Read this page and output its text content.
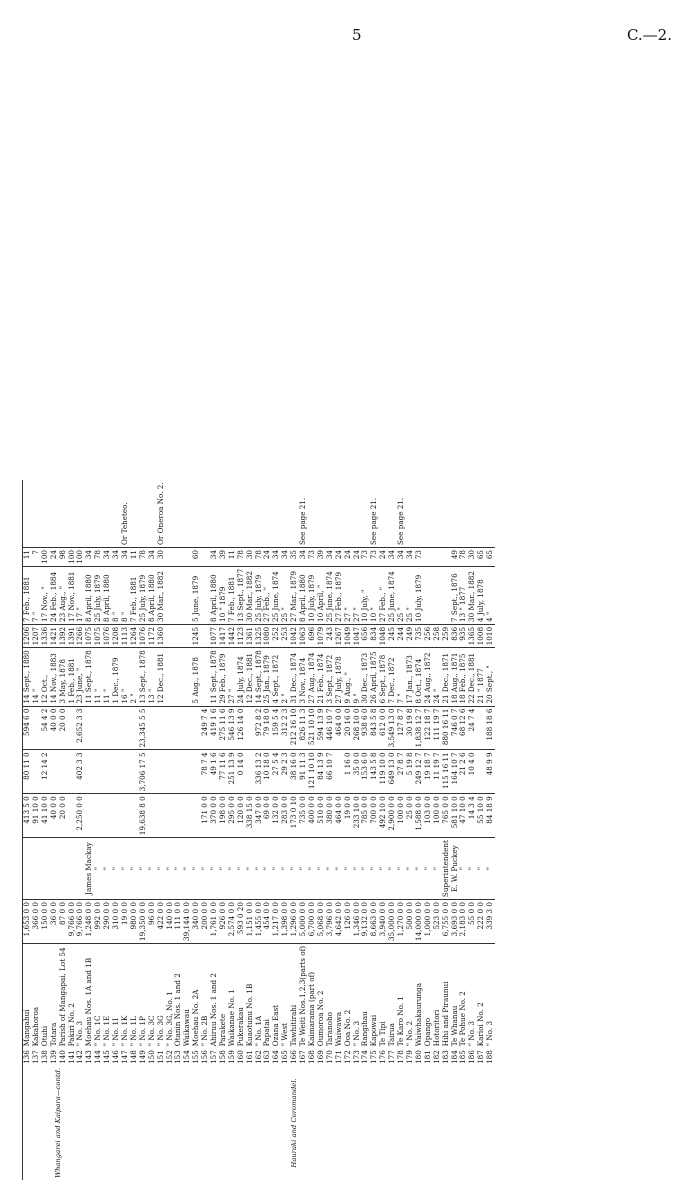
5	C.—2.
Whangarei and Kaipara—contd.	136	Mangahui	1,653 0 0		413 5 0	80 11 0	594 6 0	14 Sept., 1880	1206	7 Feb., 1881	11	
	137	Kakahoroa	366 0 0		91 10 0			14 "	1207	7 "	7	
	138	Otuhi	150 0 0		41 10 0	12 14 2	54 4 2	12 Oct.,	1336	17 Nov., "	100	
	139	Totara	36 0 0		40 0 0		40 0 0	14 Nov., 1883	1421	24 Feb., 1884	24	
	140	Parish of Mangapai, Lot 54	87 0 0		20 0 0		20 0 0	3 May, 1878	1392	23 Aug., "	98	
	141	Pakiri No. 2	9,766 0 0					1 Feb., 1881	1391	17 Nov., 1881	100	
	142	" No. 3	9,766 0 0		2,250 0 0	402 3 3	2,652 3 3	23 June, "	1266	17 "	100	
	143	Moehau Nos. 1A and 1B	1,248 0 0	James Mackay				11 Sept., 1878	1075	8 April, 1880	34	

Hauraki and Coromandel.	144	" No. 1C	992 0 0	"				11 "	1075	25 July, 1879	78	
	145	" No. 1E	290 0 0	"				11 "	1076	8 April, 1880	34	
	146	" No. 1I	310 0 0	"				1 Dec., 1879	1208	8 "	34	
	147	" No. 1K	19 0 0	"				16 "	1113	8 "	34	Or Teheteo.
	148	" No. 1L	980 0 0	"				2 "	1264	7 Feb., 1881	11	
	149	" No. 1P	19,350 0 0	"	19,638 8 0	3,706 17 5	23,345 5 5	13 Sept., 1878	1076	25 July, 1879	78	
	150	" No. 3C	96 0 0	"				13 "	1172	8 April, 1880	34	
	151	" No. 3G	422 0 0	"				12 Dec., 1881	1360	30 Mar., 1882	30	Or Oneroa No. 2.
	152	" No. 3G, No. 1	140 0 0	"								
	153	Otanin Nos. 1 and 2	111 0 0	"								
	154	Waikawau	39,144 0 0	"								
	155	Moehau No. 2A	340 0 0	"				5 Aug., 1878	1245	5 June, 1879	60	
	156	" No. 2B	200 0 0	"	171 0 0	78 7 4	249 7 4					
	157	Ahiruu Nos. 1 and 2	1,761 0 0	"	370 0 0	49 1 6	419 1 6	11 Sept., 1878	1077	8 April, 1880	34	
	158	Parakete	926 0 0	"	198 0 0	77 11 6	275 11 6	29 Feb., 1879	1417	10 " 1879	39	
	159	Waikanae No. 1	2,574 0 0	"	295 0 0	251 13 9	546 13 9	27 "	1442	7 Feb., 1881	11	
	160	Pukerakau	593 0 20	"	120 0 0	0 14 0	126 14 0	24 July, 1874	1123	13 Sept., 1877	78	
	161	Kuaotunu No. 1B	1,151 0 0	"	338 15 0			12 Dec., 1881	1361	30 Mar., 1882	30	
	162	" No. 1A	1,455 0 0	"	347 0 0	336 13 2	972 8 2	14 Sept., 1878	1325	25 July, 1879	78	
	163	Papatai	454 0 0	"	69 0 0	10 18 0	79 18 0	25 Jan., 1879	1080	27 Feb., "	24	
	164	Ozana East	1,217 0 0	"	132 0 0	27 5 4	159 5 4	4 Sept., 1872	252	25 June, 1874	34	
	165	" West	1,398 0 0	"	283 0 0	29 2 3	312 2 3	2 "	253	25 "	34	
	166	Tawhitirahi	1,296 0 0	"	173 0 10	38 16 0	212 16 10	31 Dec., 1874	1042	27 Mar., 1879	35	
	167	Te Weiti Nos.1,2,3(parts of)	5,000 0 0	"	735 0 0	91 11 3	826 11 3	3 Nov., 1874	1063	8 April, 1880	34	See page 21.
	168	Kaimarama (part of)	6,700 0 0	"	400 0 0	121 10 10	521 10 10	27 Aug., 1874	696	10 July, 1879	73	
	169	Oumoroa No. 2	5,068 0 0	"	510 0 0	84 13 9	594 13 9	21 Feb., 1874	1079	10 April, "	39	
	170	Taranoho	3,796 0 0	"	380 0 0	66 10 7	446 10 7	3 Sept., 1872	243	25 June, 1874	34	
	171	Waiwawa	4,642 0 0	"	464 0 0		464 0 0	27 July, 1878	1267	27 Feb., 1879	24	
	172	Ooa No. 2	126 0 0	"	19 0 0	1 16 0	20 16 0	9 Aug., "	1049	27 "	24	
	173	" No. 3	1,346 0 0	"	233 10 0	35 0 0	268 10 0	9 "	1047	27 "	24	
	174	Rangihau	9,132 0 0	"	785 0 0	153 6 0	938 6 0	30 Dec., 1873	656	10 July, "	73	
	175	Kapowai	8,663 0 0	"	700 0 0	143 5 8	843 5 8	26 April, 1875	834	10 "	73	See page 21.
	176	Te Tipi	3,940 0 0	"	492 10 0	119 10 0	612 0 0	6 Sept., 1878	1048	27 Feb., "	24	
	177	Tairua	35,000 0 0	"	2,900 0 0	649 13 0	3,549 13 0	7 Dec., 1872	245	25 June, 1874	34	
	178	Te Karo No. 1	1,270 0 0	"	100 0 0	27 8 7	127 8 7	7 "	244	25 "	34	See page 21.
	179	" No. 2	500 0 0	"	25 0 0	5 19 8	30 19 8	17 Jan., 1873	249	25 "	34	
	180	Waiwhakaurunga	14,000 0 0	"	1,588 0 0	249 12 7	1,838 12 7	8 Oct., 1874	735	10 July, 1879	73	
	181	Opango	1,000 0 0	"	103 0 0	19 18 7	122 18 7	24 Aug., 1872	256			
	182	Hotoritori	523 0 0	"	100 0 0	11 19 7	111 19 7	24 "	258			
	183	Hihi and Piraunui	6,755 0 0	Superintendent	765 0 0	115 16 11	880 16 11	21 Dec., 1871	259			
	184	Te Whanau	3,693 0 0	E. W. Puckey	581 10 0	164 10 7	746 0 7	18 Aug., 1871	836	7 Sept., 1876	49	
	185	Te Pohue No. 2	2,183 0 0	"	47 10 0	21 2 6	68 12 6	18 Feb., 1875	935	13 " 1877	78	
	186	" No. 3	55 0 0	"	14 3 4	10 4 0	24 7 4	22 Dec., 1881	1365	30 Mar., 1882	30	
	187	Karioi No. 2	222 0 0	"	55 10 0			21 " 1877	1008	4 July, 1878	65	
	188	" No. 3	339 3 0	"	84 18 9	48 9 9	188 18 6	20 Sept., "	1010	4 "	65	
